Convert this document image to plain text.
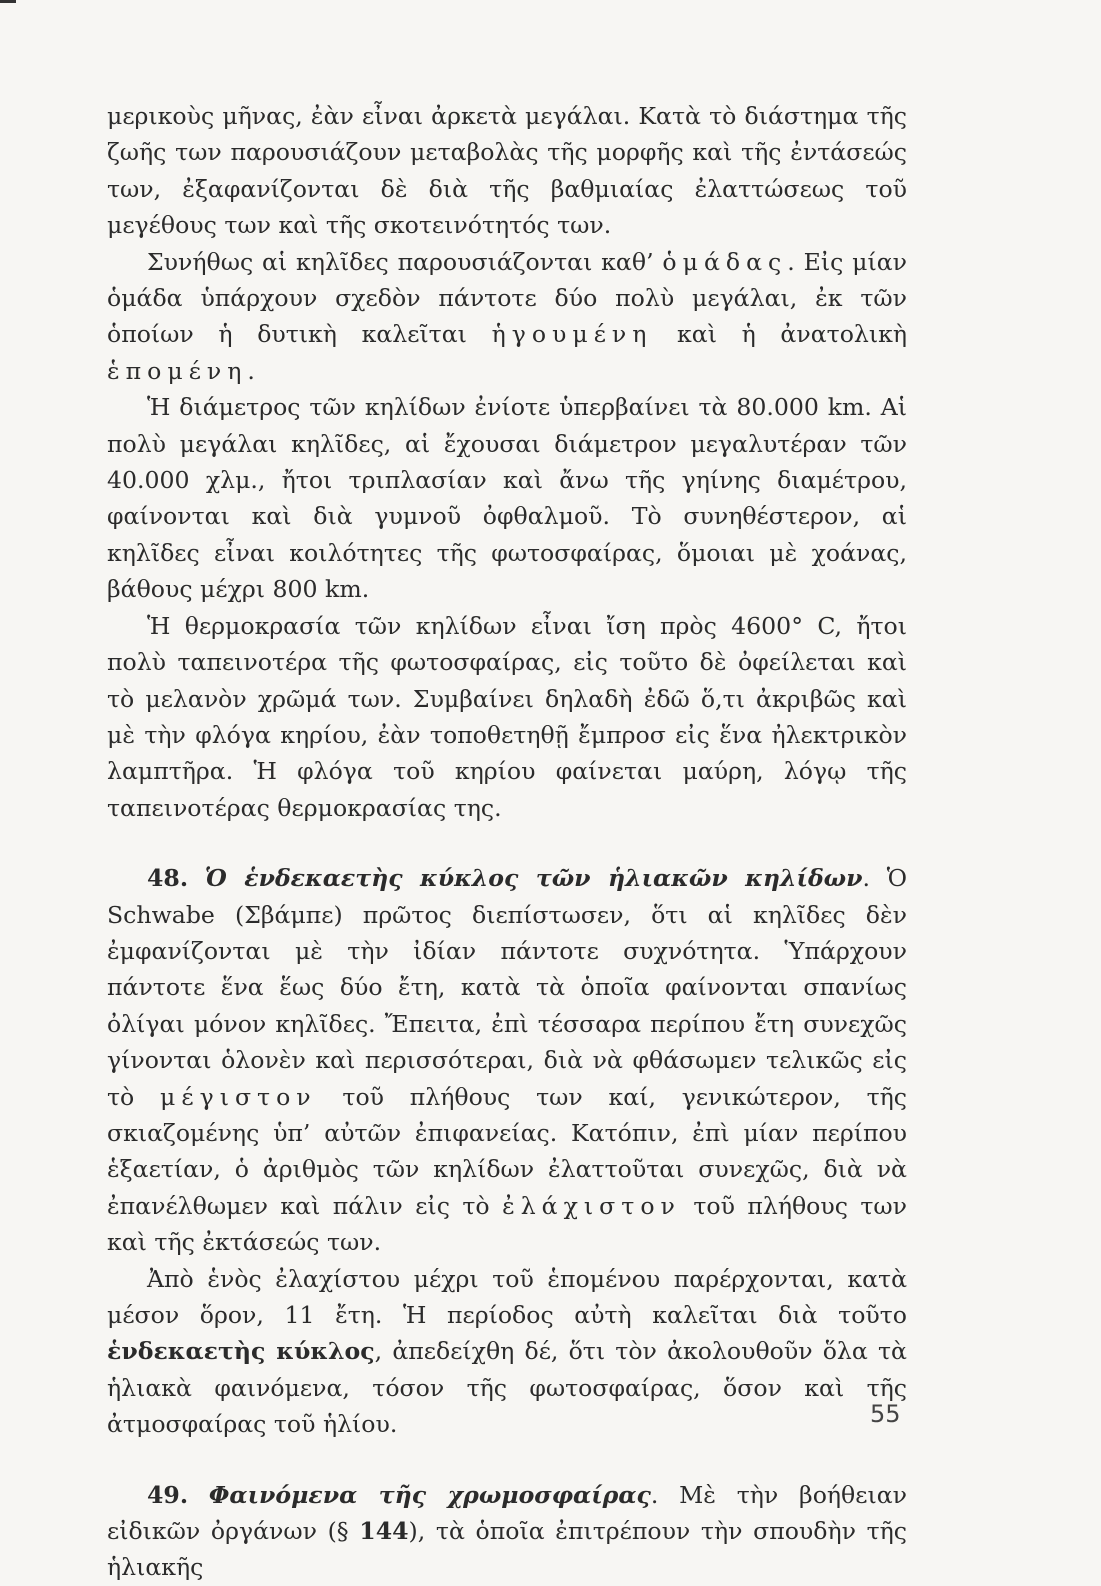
μερικοὺς μῆνας, ἐὰν εἶναι ἀρκετὰ μεγάλαι. Κατὰ τὸ διάστημα τῆς ζωῆς των παρουσιάζουν μεταβολὰς τῆς μορφῆς καὶ τῆς ἐντάσεώς των, ἐξαφανίζονται δὲ διὰ τῆς βαθμιαίας ἐλαττώσεως τοῦ μεγέθους των καὶ τῆς σκοτεινότητός των.

Συνήθως αἱ κηλῖδες παρουσιάζονται καθ’ ὁμάδας. Εἰς μίαν ὁμάδα ὑπάρχουν σχεδὸν πάντοτε δύο πολὺ μεγάλαι, ἐκ τῶν ὁποίων ἡ δυτικὴ καλεῖται ἡγουμένη καὶ ἡ ἀνατολικὴ ἑπομένη.

Ἡ διάμετρος τῶν κηλίδων ἐνίοτε ὑπερβαίνει τὰ 80.000 km. Αἱ πολὺ μεγάλαι κηλῖδες, αἱ ἔχουσαι διάμετρον μεγαλυτέραν τῶν 40.000 χλμ., ἤτοι τριπλασίαν καὶ ἄνω τῆς γηίνης διαμέτρου, φαίνονται καὶ διὰ γυμνοῦ ὀφθαλμοῦ. Τὸ συνηθέστερον, αἱ κηλῖδες εἶναι κοιλότητες τῆς φωτοσφαίρας, ὅμοιαι μὲ χοάνας, βάθους μέχρι 800 km.

Ἡ θερμοκρασία τῶν κηλίδων εἶναι ἴση πρὸς 4600° C, ἤτοι πολὺ ταπεινοτέρα τῆς φωτοσφαίρας, εἰς τοῦτο δὲ ὀφείλεται καὶ τὸ μελανὸν χρῶμά των. Συμβαίνει δηλαδὴ ἐδῶ ὅ,τι ἀκριβῶς καὶ μὲ τὴν φλόγα κηρίου, ἐὰν τοποθετηθῇ ἔμπροσ εἰς ἕνα ἠλεκτρικὸν λαμπτῆρα. Ἡ φλόγα τοῦ κηρίου φαίνεται μαύρη, λόγῳ τῆς ταπεινοτέρας θερμοκρασίας της.

48. Ὁ ἑνδεκαετὴς κύκλος τῶν ἡλιακῶν κηλίδων. Ὁ Schwabe (Σβάμπε) πρῶτος διεπίστωσεν, ὅτι αἱ κηλῖδες δὲν ἐμφανίζονται μὲ τὴν ἰδίαν πάντοτε συχνότητα. Ὑπάρχουν πάντοτε ἕνα ἕως δύο ἔτη, κατὰ τὰ ὁποῖα φαίνονται σπανίως ὀλίγαι μόνον κηλῖδες. Ἔπειτα, ἐπὶ τέσσαρα περίπου ἔτη συνεχῶς γίνονται ὁλονὲν καὶ περισσότεραι, διὰ νὰ φθάσωμεν τελικῶς εἰς τὸ μέγιστον τοῦ πλήθους των καί, γενικώτερον, τῆς σκιαζομένης ὑπ’ αὐτῶν ἐπιφανείας. Κατόπιν, ἐπὶ μίαν περίπου ἑξαετίαν, ὁ ἀριθμὸς τῶν κηλίδων ἐλαττοῦται συνεχῶς, διὰ νὰ ἐπανέλθωμεν καὶ πάλιν εἰς τὸ ἐλάχιστον τοῦ πλήθους των καὶ τῆς ἐκτάσεώς των.

Ἀπὸ ἑνὸς ἐλαχίστου μέχρι τοῦ ἑπομένου παρέρχονται, κατὰ μέσον ὅρον, 11 ἔτη. Ἡ περίοδος αὐτὴ καλεῖται διὰ τοῦτο ἑνδεκαετὴς κύκλος, ἀπεδείχθη δέ, ὅτι τὸν ἀκολουθοῦν ὅλα τὰ ἡλιακὰ φαινόμενα, τόσον τῆς φωτοσφαίρας, ὅσον καὶ τῆς ἀτμοσφαίρας τοῦ ἡλίου.

49. Φαινόμενα τῆς χρωμοσφαίρας. Μὲ τὴν βοήθειαν εἰδικῶν ὀργάνων (§ 144), τὰ ὁποῖα ἐπιτρέπουν τὴν σπουδὴν τῆς ἡλιακῆς

55
